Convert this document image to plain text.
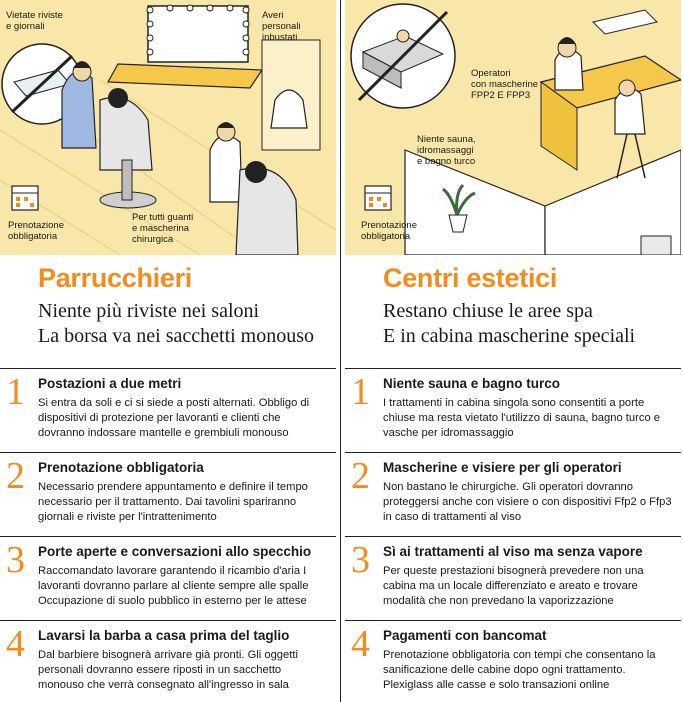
Vietate riviste
e giornali
Averi
personali
inbustati
Prenotazione
obbligatoria
Per tutti guanti
e mascherina
chirurgica
Parrucchieri
Niente più riviste nei saloni
La borsa va nei sacchetti monouso
1 Postazioni a due metri
Si entra da soli e ci si siede a posti alternati. Obbligo di dispositivi di protezione per lavoranti e clienti che dovranno indossare mantelle e grembiuli monouso
2 Prenotazione obbligatoria
Necessario prendere appuntamento e definire il tempo necessario per il trattamento. Dai tavolini spariranno giornali e riviste per l'intrattenimento
3 Porte aperte e conversazioni allo specchio
Raccomandato lavorare garantendo il ricambio d'aria I lavoranti dovranno parlare al cliente sempre alle spalle Occupazione di suolo pubblico in esterno per le attese
4 Lavarsi la barba a casa prima del taglio
Dal barbiere bisognerà arrivare già pronti. Gli oggetti personali dovranno essere riposti in un sacchetto monouso che verrà consegnato all'ingresso in sala
Operatori
con mascherine
FPP2 E FPP3
Niente sauna,
idromassaggi
e bagno turco
Prenotazione
obbligatoria
Centri estetici
Restano chiuse le aree spa
E in cabina mascherine speciali
1 Niente sauna e bagno turco
I trattamenti in cabina singola sono consentiti a porte chiuse ma resta vietato l'utilizzo di sauna, bagno turco e vasche per idromassaggio
2 Mascherine e visiere per gli operatori
Non bastano le chirurgiche. Gli operatori dovranno proteggersi anche con visiere o con dispositivi Ffp2 o Ffp3 in caso di trattamenti al viso
3 Sì ai trattamenti al viso ma senza vapore
Per queste prestazioni bisognerà prevedere non una cabina ma un locale differenziato e areato e trovare modalità che non prevedano la vaporizzazione
4 Pagamenti con bancomat
Prenotazione obbligatoria con tempi che consentano la sanificazione delle cabine dopo ogni trattamento. Plexiglass alle casse e solo transazioni online
